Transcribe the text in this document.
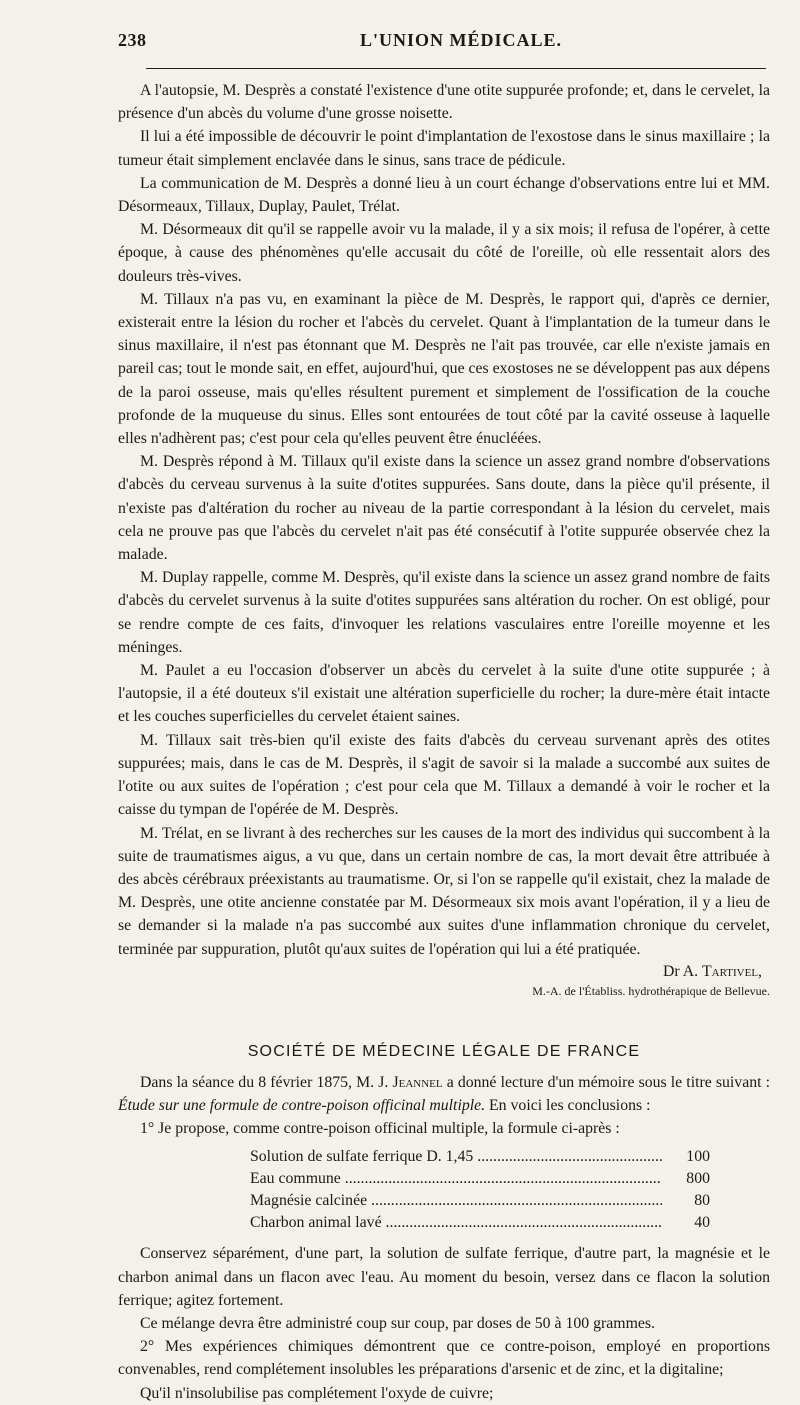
238	L'UNION MÉDICALE.

A l'autopsie, M. Desprès a constaté l'existence d'une otite suppurée profonde; et, dans le cervelet, la présence d'un abcès du volume d'une grosse noisette.

Il lui a été impossible de découvrir le point d'implantation de l'exostose dans le sinus maxillaire ; la tumeur était simplement enclavée dans le sinus, sans trace de pédicule.

La communication de M. Desprès a donné lieu à un court échange d'observations entre lui et MM. Désormeaux, Tillaux, Duplay, Paulet, Trélat.

M. Désormeaux dit qu'il se rappelle avoir vu la malade, il y a six mois; il refusa de l'opérer, à cette époque, à cause des phénomènes qu'elle accusait du côté de l'oreille, où elle ressentait alors des douleurs très-vives.

M. Tillaux n'a pas vu, en examinant la pièce de M. Desprès, le rapport qui, d'après ce dernier, existerait entre la lésion du rocher et l'abcès du cervelet. Quant à l'implantation de la tumeur dans le sinus maxillaire, il n'est pas étonnant que M. Desprès ne l'ait pas trouvée, car elle n'existe jamais en pareil cas; tout le monde sait, en effet, aujourd'hui, que ces exostoses ne se développent pas aux dépens de la paroi osseuse, mais qu'elles résultent purement et simplement de l'ossification de la couche profonde de la muqueuse du sinus. Elles sont entourées de tout côté par la cavité osseuse à laquelle elles n'adhèrent pas; c'est pour cela qu'elles peuvent être énucléées.

M. Desprès répond à M. Tillaux qu'il existe dans la science un assez grand nombre d'observations d'abcès du cerveau survenus à la suite d'otites suppurées. Sans doute, dans la pièce qu'il présente, il n'existe pas d'altération du rocher au niveau de la partie correspondant à la lésion du cervelet, mais cela ne prouve pas que l'abcès du cervelet n'ait pas été consécutif à l'otite suppurée observée chez la malade.

M. Duplay rappelle, comme M. Desprès, qu'il existe dans la science un assez grand nombre de faits d'abcès du cervelet survenus à la suite d'otites suppurées sans altération du rocher. On est obligé, pour se rendre compte de ces faits, d'invoquer les relations vasculaires entre l'oreille moyenne et les méninges.

M. Paulet a eu l'occasion d'observer un abcès du cervelet à la suite d'une otite suppurée ; à l'autopsie, il a été douteux s'il existait une altération superficielle du rocher; la dure-mère était intacte et les couches superficielles du cervelet étaient saines.

M. Tillaux sait très-bien qu'il existe des faits d'abcès du cerveau survenant après des otites suppurées; mais, dans le cas de M. Desprès, il s'agit de savoir si la malade a succombé aux suites de l'otite ou aux suites de l'opération ; c'est pour cela que M. Tillaux a demandé à voir le rocher et la caisse du tympan de l'opérée de M. Desprès.

M. Trélat, en se livrant à des recherches sur les causes de la mort des individus qui succombent à la suite de traumatismes aigus, a vu que, dans un certain nombre de cas, la mort devait être attribuée à des abcès cérébraux préexistants au traumatisme. Or, si l'on se rappelle qu'il existait, chez la malade de M. Desprès, une otite ancienne constatée par M. Désormeaux six mois avant l'opération, il y a lieu de se demander si la malade n'a pas succombé aux suites d'une inflammation chronique du cervelet, terminée par suppuration, plutôt qu'aux suites de l'opération qui lui a été pratiquée.

Dr A. Tartivel,
M.-A. de l'Établiss. hydrothérapique de Bellevue.
SOCIÉTÉ DE MÉDECINE LÉGALE DE FRANCE

Dans la séance du 8 février 1875, M. J. Jeannel a donné lecture d'un mémoire sous le titre suivant : Étude sur une formule de contre-poison officinal multiple. En voici les conclusions :

1° Je propose, comme contre-poison officinal multiple, la formule ci-après :

Solution de sulfate ferrique D. 1,45 .....	100
Eau commune .....	800
Magnésie calcinée .....	80
Charbon animal lavé .....	40

Conservez séparément, d'une part, la solution de sulfate ferrique, d'autre part, la magnésie et le charbon animal dans un flacon avec l'eau. Au moment du besoin, versez dans ce flacon la solution ferrique; agitez fortement.

Ce mélange devra être administré coup sur coup, par doses de 50 à 100 grammes.

2° Mes expériences chimiques démontrent que ce contre-poison, employé en proportions convenables, rend complétement insolubles les préparations d'arsenic et de zinc, et la digitaline;

Qu'il n'insolubilise pas complétement l'oxyde de cuivre;
